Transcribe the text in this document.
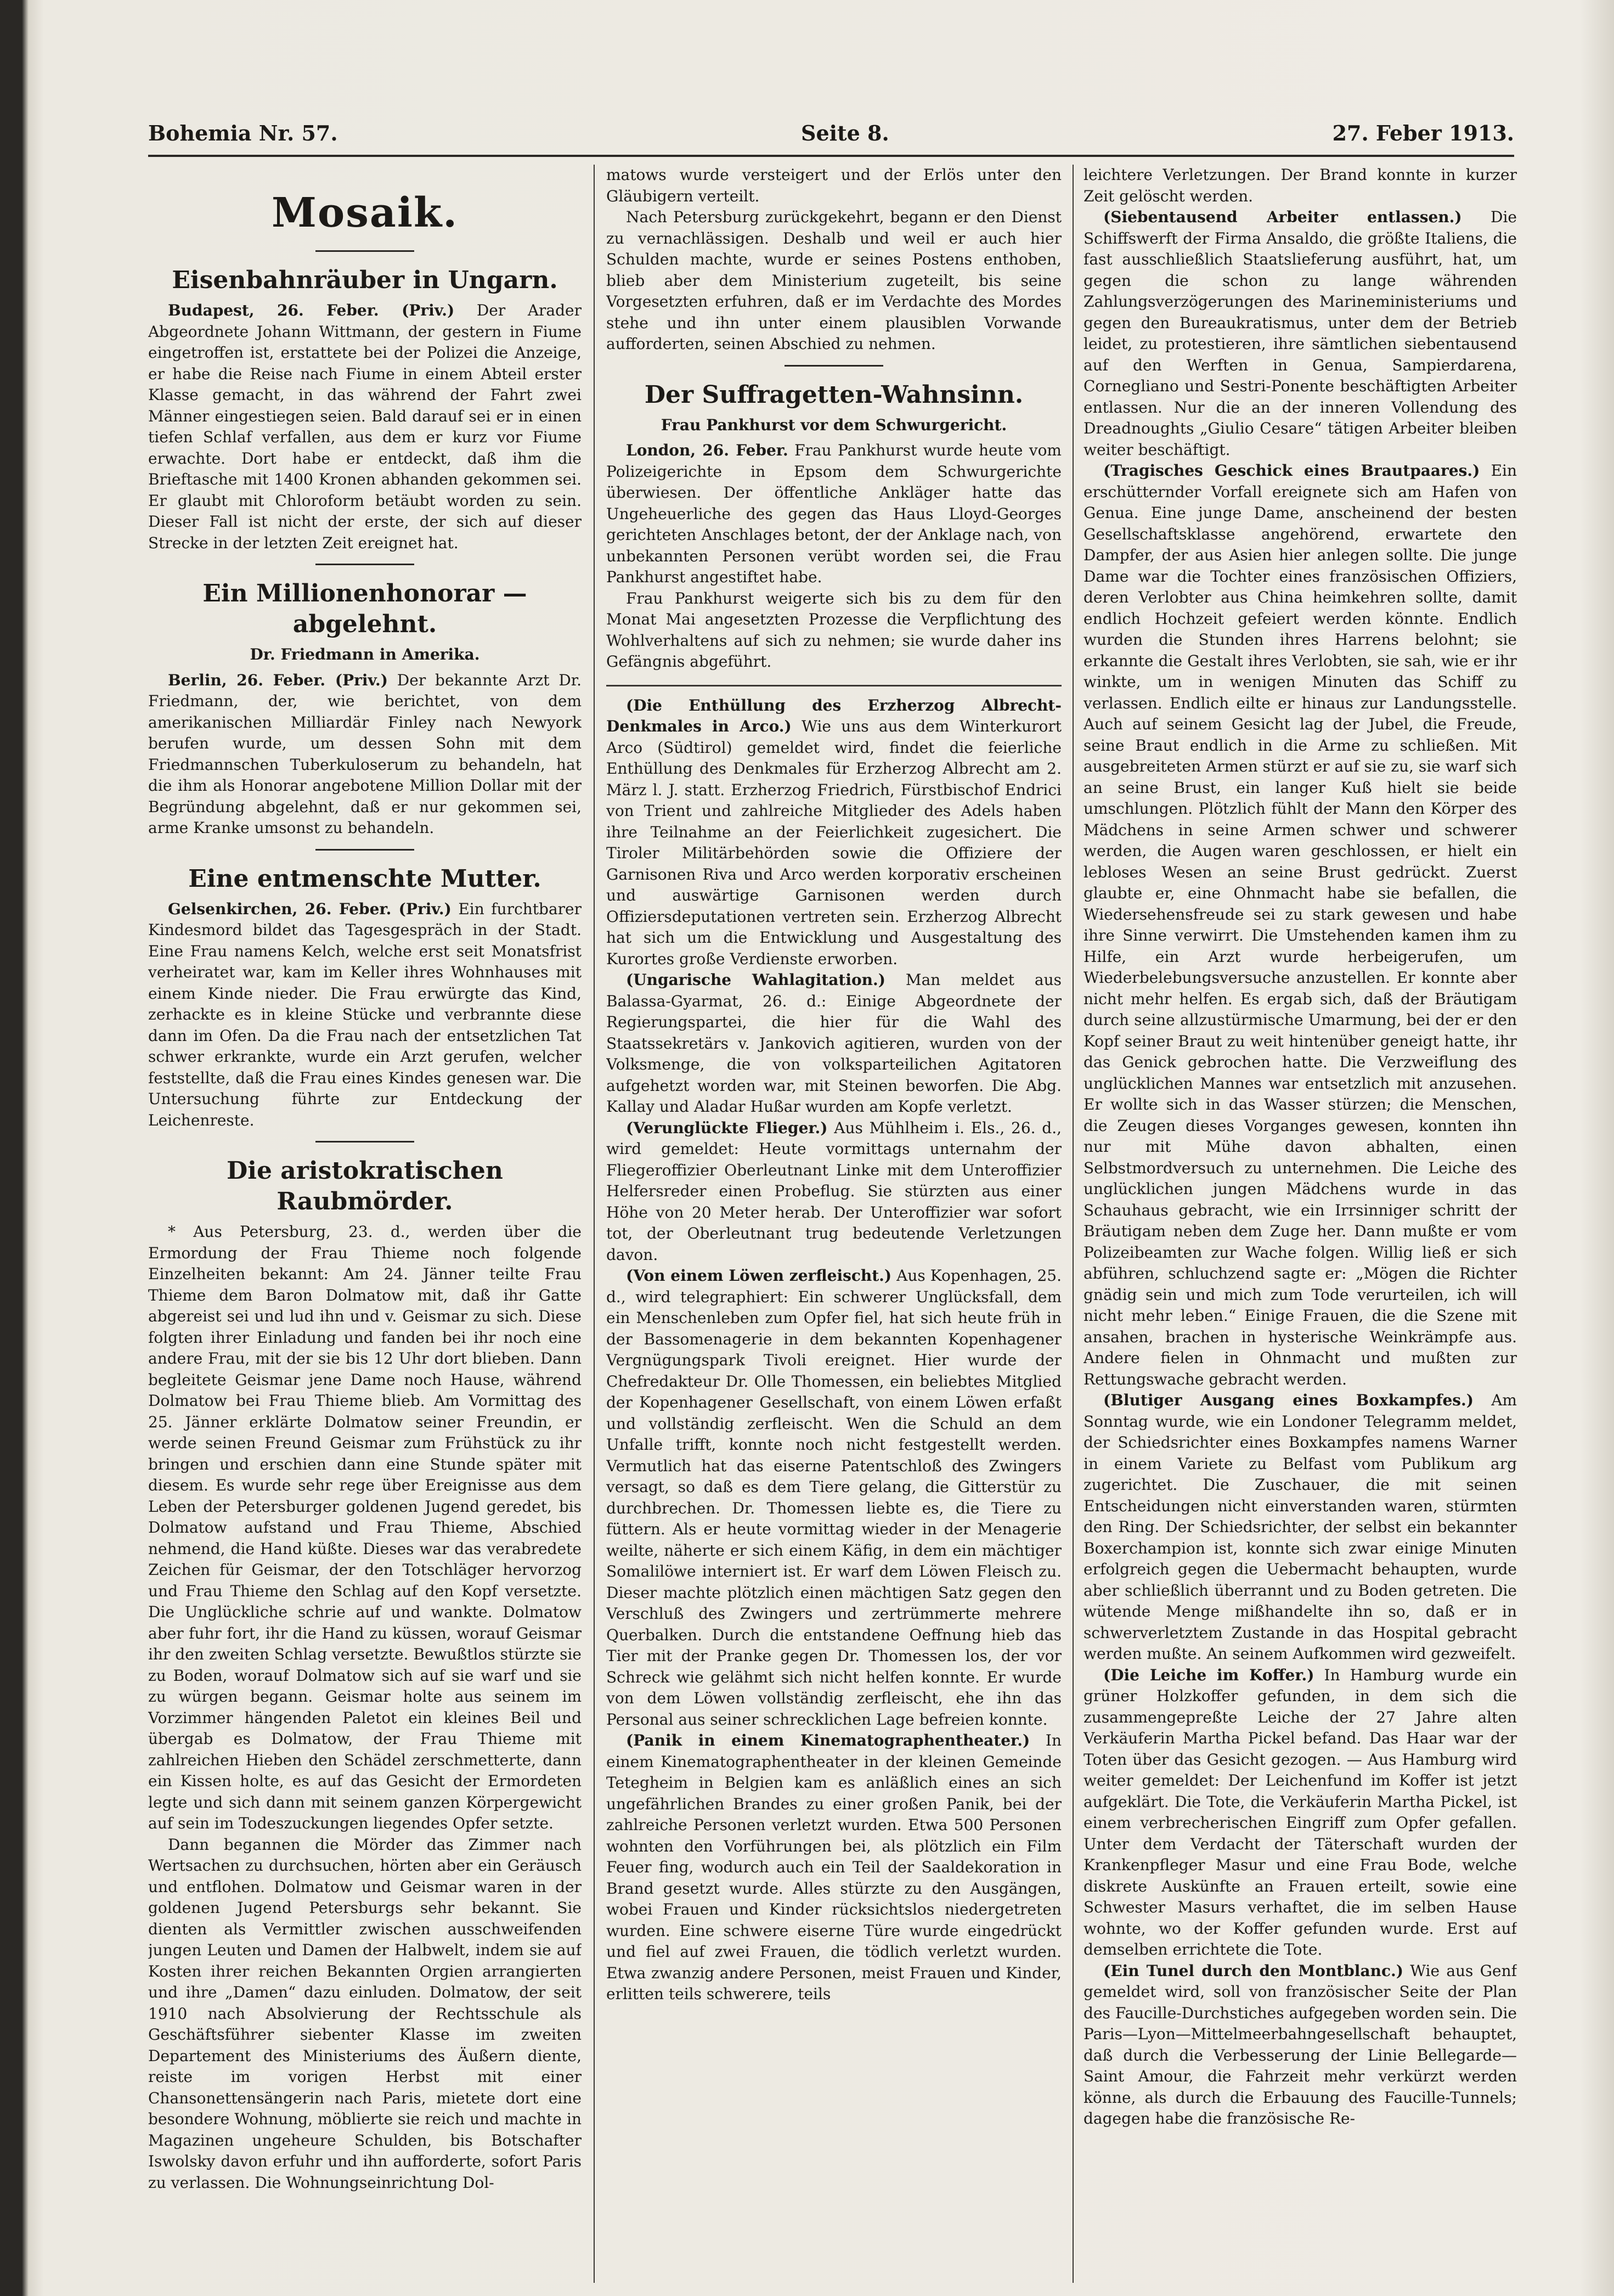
Bohemia Nr. 57.	Seite 8.	27. Feber 1913.
Mosaik.
Eisenbahnräuber in Ungarn.

Budapest, 26. Feber. (Priv.) Der Arader Abgeordnete Johann Wittmann, der gestern in Fiume eingetroffen ist, erstattete bei der Polizei die Anzeige, er habe die Reise nach Fiume in einem Abteil erster Klasse gemacht, in das während der Fahrt zwei Männer eingestiegen seien. Bald darauf sei er in einen tiefen Schlaf verfallen, aus dem er kurz vor Fiume erwachte. Dort habe er entdeckt, daß ihm die Brieftasche mit 1400 Kronen abhanden gekommen sei. Er glaubt mit Chloroform betäubt worden zu sein. Dieser Fall ist nicht der erste, der sich auf dieser Strecke in der letzten Zeit ereignet hat.

Ein Millionenhonorar — abgelehnt.
Dr. Friedmann in Amerika.

Berlin, 26. Feber. (Priv.) Der bekannte Arzt Dr. Friedmann, der, wie berichtet, von dem amerikanischen Milliardär Finley nach Newyork berufen wurde, um dessen Sohn mit dem Friedmannschen Tuberkuloserum zu behandeln, hat die ihm als Honorar angebotene Million Dollar mit der Begründung abgelehnt, daß er nur gekommen sei, arme Kranke umsonst zu behandeln.

Eine entmenschte Mutter.

Gelsenkirchen, 26. Feber. (Priv.) Ein furchtbarer Kindesmord bildet das Tagesgespräch in der Stadt. Eine Frau namens Kelch, welche erst seit Monatsfrist verheiratet war, kam im Keller ihres Wohnhauses mit einem Kinde nieder. Die Frau erwürgte das Kind, zerhackte es in kleine Stücke und verbrannte diese dann im Ofen. Da die Frau nach der entsetzlichen Tat schwer erkrankte, wurde ein Arzt gerufen, welcher feststellte, daß die Frau eines Kindes genesen war. Die Untersuchung führte zur Entdeckung der Leichenreste.

Die aristokratischen Raubmörder.

* Aus Petersburg, 23. d., werden über die Ermordung der Frau Thieme noch folgende Einzelheiten bekannt: Am 24. Jänner teilte Frau Thieme dem Baron Dolmatow mit, daß ihr Gatte abgereist sei und lud ihn und v. Geismar zu sich. Diese folgten ihrer Einladung und fanden bei ihr noch eine andere Frau, mit der sie bis 12 Uhr dort blieben. Dann begleitete Geismar jene Dame noch Hause, während Dolmatow bei Frau Thieme blieb. Am Vormittag des 25. Jänner erklärte Dolmatow seiner Freundin, er werde seinen Freund Geismar zum Frühstück zu ihr bringen und erschien dann eine Stunde später mit diesem. Es wurde sehr rege über Ereignisse aus dem Leben der Petersburger goldenen Jugend geredet, bis Dolmatow aufstand und Frau Thieme, Abschied nehmend, die Hand küßte. Dieses war das verabredete Zeichen für Geismar, der den Totschläger hervorzog und Frau Thieme den Schlag auf den Kopf versetzte. Die Unglückliche schrie auf und wankte. Dolmatow aber fuhr fort, ihr die Hand zu küssen, worauf Geismar ihr den zweiten Schlag versetzte. Bewußtlos stürzte sie zu Boden, worauf Dolmatow sich auf sie warf und sie zu würgen begann. Geismar holte aus seinem im Vorzimmer hängenden Paletot ein kleines Beil und übergab es Dolmatow, der Frau Thieme mit zahlreichen Hieben den Schädel zerschmetterte, dann ein Kissen holte, es auf das Gesicht der Ermordeten legte und sich dann mit seinem ganzen Körpergewicht auf sein im Todeszuckungen liegendes Opfer setzte.

Dann begannen die Mörder das Zimmer nach Wertsachen zu durchsuchen, hörten aber ein Geräusch und entflohen. Dolmatow und Geismar waren in der goldenen Jugend Petersburgs sehr bekannt. Sie dienten als Vermittler zwischen ausschweifenden jungen Leuten und Damen der Halbwelt, indem sie auf Kosten ihrer reichen Bekannten Orgien arrangierten und ihre „Damen“ dazu einluden. Dolmatow, der seit 1910 nach Absolvierung der Rechtsschule als Geschäftsführer siebenter Klasse im zweiten Departement des Ministeriums des Äußern diente, reiste im vorigen Herbst mit einer Chansonettensängerin nach Paris, mietete dort eine besondere Wohnung, möblierte sie reich und machte in Magazinen ungeheure Schulden, bis Botschafter Iswolsky davon erfuhr und ihn aufforderte, sofort Paris zu verlassen. Die Wohnungseinrichtung Dol-

matows wurde versteigert und der Erlös unter den Gläubigern verteilt.

Nach Petersburg zurückgekehrt, begann er den Dienst zu vernachlässigen. Deshalb und weil er auch hier Schulden machte, wurde er seines Postens enthoben, blieb aber dem Ministerium zugeteilt, bis seine Vorgesetzten erfuhren, daß er im Verdachte des Mordes stehe und ihn unter einem plausiblen Vorwande aufforderten, seinen Abschied zu nehmen.

Der Suffragetten-Wahnsinn.
Frau Pankhurst vor dem Schwurgericht.

London, 26. Feber. Frau Pankhurst wurde heute vom Polizeigerichte in Epsom dem Schwurgerichte überwiesen. Der öffentliche Ankläger hatte das Ungeheuerliche des gegen das Haus Lloyd-Georges gerichteten Anschlages betont, der der Anklage nach, von unbekannten Personen verübt worden sei, die Frau Pankhurst angestiftet habe.

Frau Pankhurst weigerte sich bis zu dem für den Monat Mai angesetzten Prozesse die Verpflichtung des Wohlverhaltens auf sich zu nehmen; sie wurde daher ins Gefängnis abgeführt.

(Die Enthüllung des Erzherzog Albrecht-Denkmales in Arco.) Wie uns aus dem Winterkurort Arco (Südtirol) gemeldet wird, findet die feierliche Enthüllung des Denkmales für Erzherzog Albrecht am 2. März l. J. statt. Erzherzog Friedrich, Fürstbischof Endrici von Trient und zahlreiche Mitglieder des Adels haben ihre Teilnahme an der Feierlichkeit zugesichert. Die Tiroler Militärbehörden sowie die Offiziere der Garnisonen Riva und Arco werden korporativ erscheinen und auswärtige Garnisonen werden durch Offiziersdeputationen vertreten sein. Erzherzog Albrecht hat sich um die Entwicklung und Ausgestaltung des Kurortes große Verdienste erworben.

(Ungarische Wahlagitation.) Man meldet aus Balassa-Gyarmat, 26. d.: Einige Abgeordnete der Regierungspartei, die hier für die Wahl des Staatssekretärs v. Jankovich agitieren, wurden von der Volksmenge, die von volksparteilichen Agitatoren aufgehetzt worden war, mit Steinen beworfen. Die Abg. Kallay und Aladar Hußar wurden am Kopfe verletzt.

(Verunglückte Flieger.) Aus Mühlheim i. Els., 26. d., wird gemeldet: Heute vormittags unternahm der Fliegeroffizier Oberleutnant Linke mit dem Unteroffizier Helfersreder einen Probeflug. Sie stürzten aus einer Höhe von 20 Meter herab. Der Unteroffizier war sofort tot, der Oberleutnant trug bedeutende Verletzungen davon.

(Von einem Löwen zerfleischt.) Aus Kopenhagen, 25. d., wird telegraphiert: Ein schwerer Unglücksfall, dem ein Menschenleben zum Opfer fiel, hat sich heute früh in der Bassomenagerie in dem bekannten Kopenhagener Vergnügungspark Tivoli ereignet. Hier wurde der Chefredakteur Dr. Olle Thomessen, ein beliebtes Mitglied der Kopenhagener Gesellschaft, von einem Löwen erfaßt und vollständig zerfleischt. Wen die Schuld an dem Unfalle trifft, konnte noch nicht festgestellt werden. Vermutlich hat das eiserne Patentschloß des Zwingers versagt, so daß es dem Tiere gelang, die Gitterstür zu durchbrechen. Dr. Thomessen liebte es, die Tiere zu füttern. Als er heute vormittag wieder in der Menagerie weilte, näherte er sich einem Käfig, in dem ein mächtiger Somalilöwe interniert ist. Er warf dem Löwen Fleisch zu. Dieser machte plötzlich einen mächtigen Satz gegen den Verschluß des Zwingers und zertrümmerte mehrere Querbalken. Durch die entstandene Oeffnung hieb das Tier mit der Pranke gegen Dr. Thomessen los, der vor Schreck wie gelähmt sich nicht helfen konnte. Er wurde von dem Löwen vollständig zerfleischt, ehe ihn das Personal aus seiner schrecklichen Lage befreien konnte.

(Panik in einem Kinematographentheater.) In einem Kinematographentheater in der kleinen Gemeinde Tetegheim in Belgien kam es anläßlich eines an sich ungefährlichen Brandes zu einer großen Panik, bei der zahlreiche Personen verletzt wurden. Etwa 500 Personen wohnten den Vorführungen bei, als plötzlich ein Film Feuer fing, wodurch auch ein Teil der Saaldekoration in Brand gesetzt wurde. Alles stürzte zu den Ausgängen, wobei Frauen und Kinder rücksichtslos niedergetreten wurden. Eine schwere eiserne Türe wurde eingedrückt und fiel auf zwei Frauen, die tödlich verletzt wurden. Etwa zwanzig andere Personen, meist Frauen und Kinder, erlitten teils schwerere, teils

leichtere Verletzungen. Der Brand konnte in kurzer Zeit gelöscht werden.

(Siebentausend Arbeiter entlassen.) Die Schiffswerft der Firma Ansaldo, die größte Italiens, die fast ausschließlich Staatslieferung ausführt, hat, um gegen die schon zu lange währenden Zahlungsverzögerungen des Marineministeriums und gegen den Bureaukratismus, unter dem der Betrieb leidet, zu protestieren, ihre sämtlichen siebentausend auf den Werften in Genua, Sampierdarena, Corneglianо und Sestri-Ponente beschäftigten Arbeiter entlassen. Nur die an der inneren Vollendung des Dreadnoughts „Giulio Cesare“ tätigen Arbeiter bleiben weiter beschäftigt.

(Tragisches Geschick eines Brautpaares.) Ein erschütternder Vorfall ereignete sich am Hafen von Genua. Eine junge Dame, anscheinend der besten Gesellschaftsklasse angehörend, erwartete den Dampfer, der aus Asien hier anlegen sollte. Die junge Dame war die Tochter eines französischen Offiziers, deren Verlobter aus China heimkehren sollte, damit endlich Hochzeit gefeiert werden könnte. Endlich wurden die Stunden ihres Harrens belohnt; sie erkannte die Gestalt ihres Verlobten, sie sah, wie er ihr winkte, um in wenigen Minuten das Schiff zu verlassen. Endlich eilte er hinaus zur Landungsstelle. Auch auf seinem Gesicht lag der Jubel, die Freude, seine Braut endlich in die Arme zu schließen. Mit ausgebreiteten Armen stürzt er auf sie zu, sie warf sich an seine Brust, ein langer Kuß hielt sie beide umschlungen. Plötzlich fühlt der Mann den Körper des Mädchens in seine Armen schwer und schwerer werden, die Augen waren geschlossen, er hielt ein lebloses Wesen an seine Brust gedrückt. Zuerst glaubte er, eine Ohnmacht habe sie befallen, die Wiedersehensfreude sei zu stark gewesen und habe ihre Sinne verwirrt. Die Umstehenden kamen ihm zu Hilfe, ein Arzt wurde herbeigerufen, um Wiederbelebungsversuche anzustellen. Er konnte aber nicht mehr helfen. Es ergab sich, daß der Bräutigam durch seine allzustürmische Umarmung, bei der er den Kopf seiner Braut zu weit hintenüber geneigt hatte, ihr das Genick gebrochen hatte. Die Verzweiflung des unglücklichen Mannes war entsetzlich mit anzusehen. Er wollte sich in das Wasser stürzen; die Menschen, die Zeugen dieses Vorganges gewesen, konnten ihn nur mit Mühe davon abhalten, einen Selbstmordversuch zu unternehmen. Die Leiche des unglücklichen jungen Mädchens wurde in das Schauhaus gebracht, wie ein Irrsinniger schritt der Bräutigam neben dem Zuge her. Dann mußte er vom Polizeibeamten zur Wache folgen. Willig ließ er sich abführen, schluchzend sagte er: „Mögen die Richter gnädig sein und mich zum Tode verurteilen, ich will nicht mehr leben.“ Einige Frauen, die die Szene mit ansahen, brachen in hysterische Weinkrämpfe aus. Andere fielen in Ohnmacht und mußten zur Rettungswache gebracht werden.

(Blutiger Ausgang eines Boxkampfes.) Am Sonntag wurde, wie ein Londoner Telegramm meldet, der Schiedsrichter eines Boxkampfes namens Warner in einem Variete zu Belfast vom Publikum arg zugerichtet. Die Zuschauer, die mit seinen Entscheidungen nicht einverstanden waren, stürmten den Ring. Der Schiedsrichter, der selbst ein bekannter Boxerchampion ist, konnte sich zwar einige Minuten erfolgreich gegen die Uebermacht behaupten, wurde aber schließlich überrannt und zu Boden getreten. Die wütende Menge mißhandelte ihn so, daß er in schwerverletztem Zustande in das Hospital gebracht werden mußte. An seinem Aufkommen wird gezweifelt.

(Die Leiche im Koffer.) In Hamburg wurde ein grüner Holzkoffer gefunden, in dem sich die zusammengepreßte Leiche der 27 Jahre alten Verkäuferin Martha Pickel befand. Das Haar war der Toten über das Gesicht gezogen. — Aus Hamburg wird weiter gemeldet: Der Leichenfund im Koffer ist jetzt aufgeklärt. Die Tote, die Verkäuferin Martha Pickel, ist einem verbrecherischen Eingriff zum Opfer gefallen. Unter dem Verdacht der Täterschaft wurden der Krankenpfleger Masur und eine Frau Bode, welche diskrete Auskünfte an Frauen erteilt, sowie eine Schwester Masurs verhaftet, die im selben Hause wohnte, wo der Koffer gefunden wurde. Erst auf demselben errichtete die Tote.

(Ein Tunel durch den Montblanc.) Wie aus Genf gemeldet wird, soll von französischer Seite der Plan des Faucille-Durchstiches aufgegeben worden sein. Die Paris—Lyon—Mittelmeerbahngesellschaft behauptet, daß durch die Verbesserung der Linie Bellegarde—Saint Amour, die Fahrzeit mehr verkürzt werden könne, als durch die Erbauung des Faucille-Tunnels; dagegen habe die französische Re-
